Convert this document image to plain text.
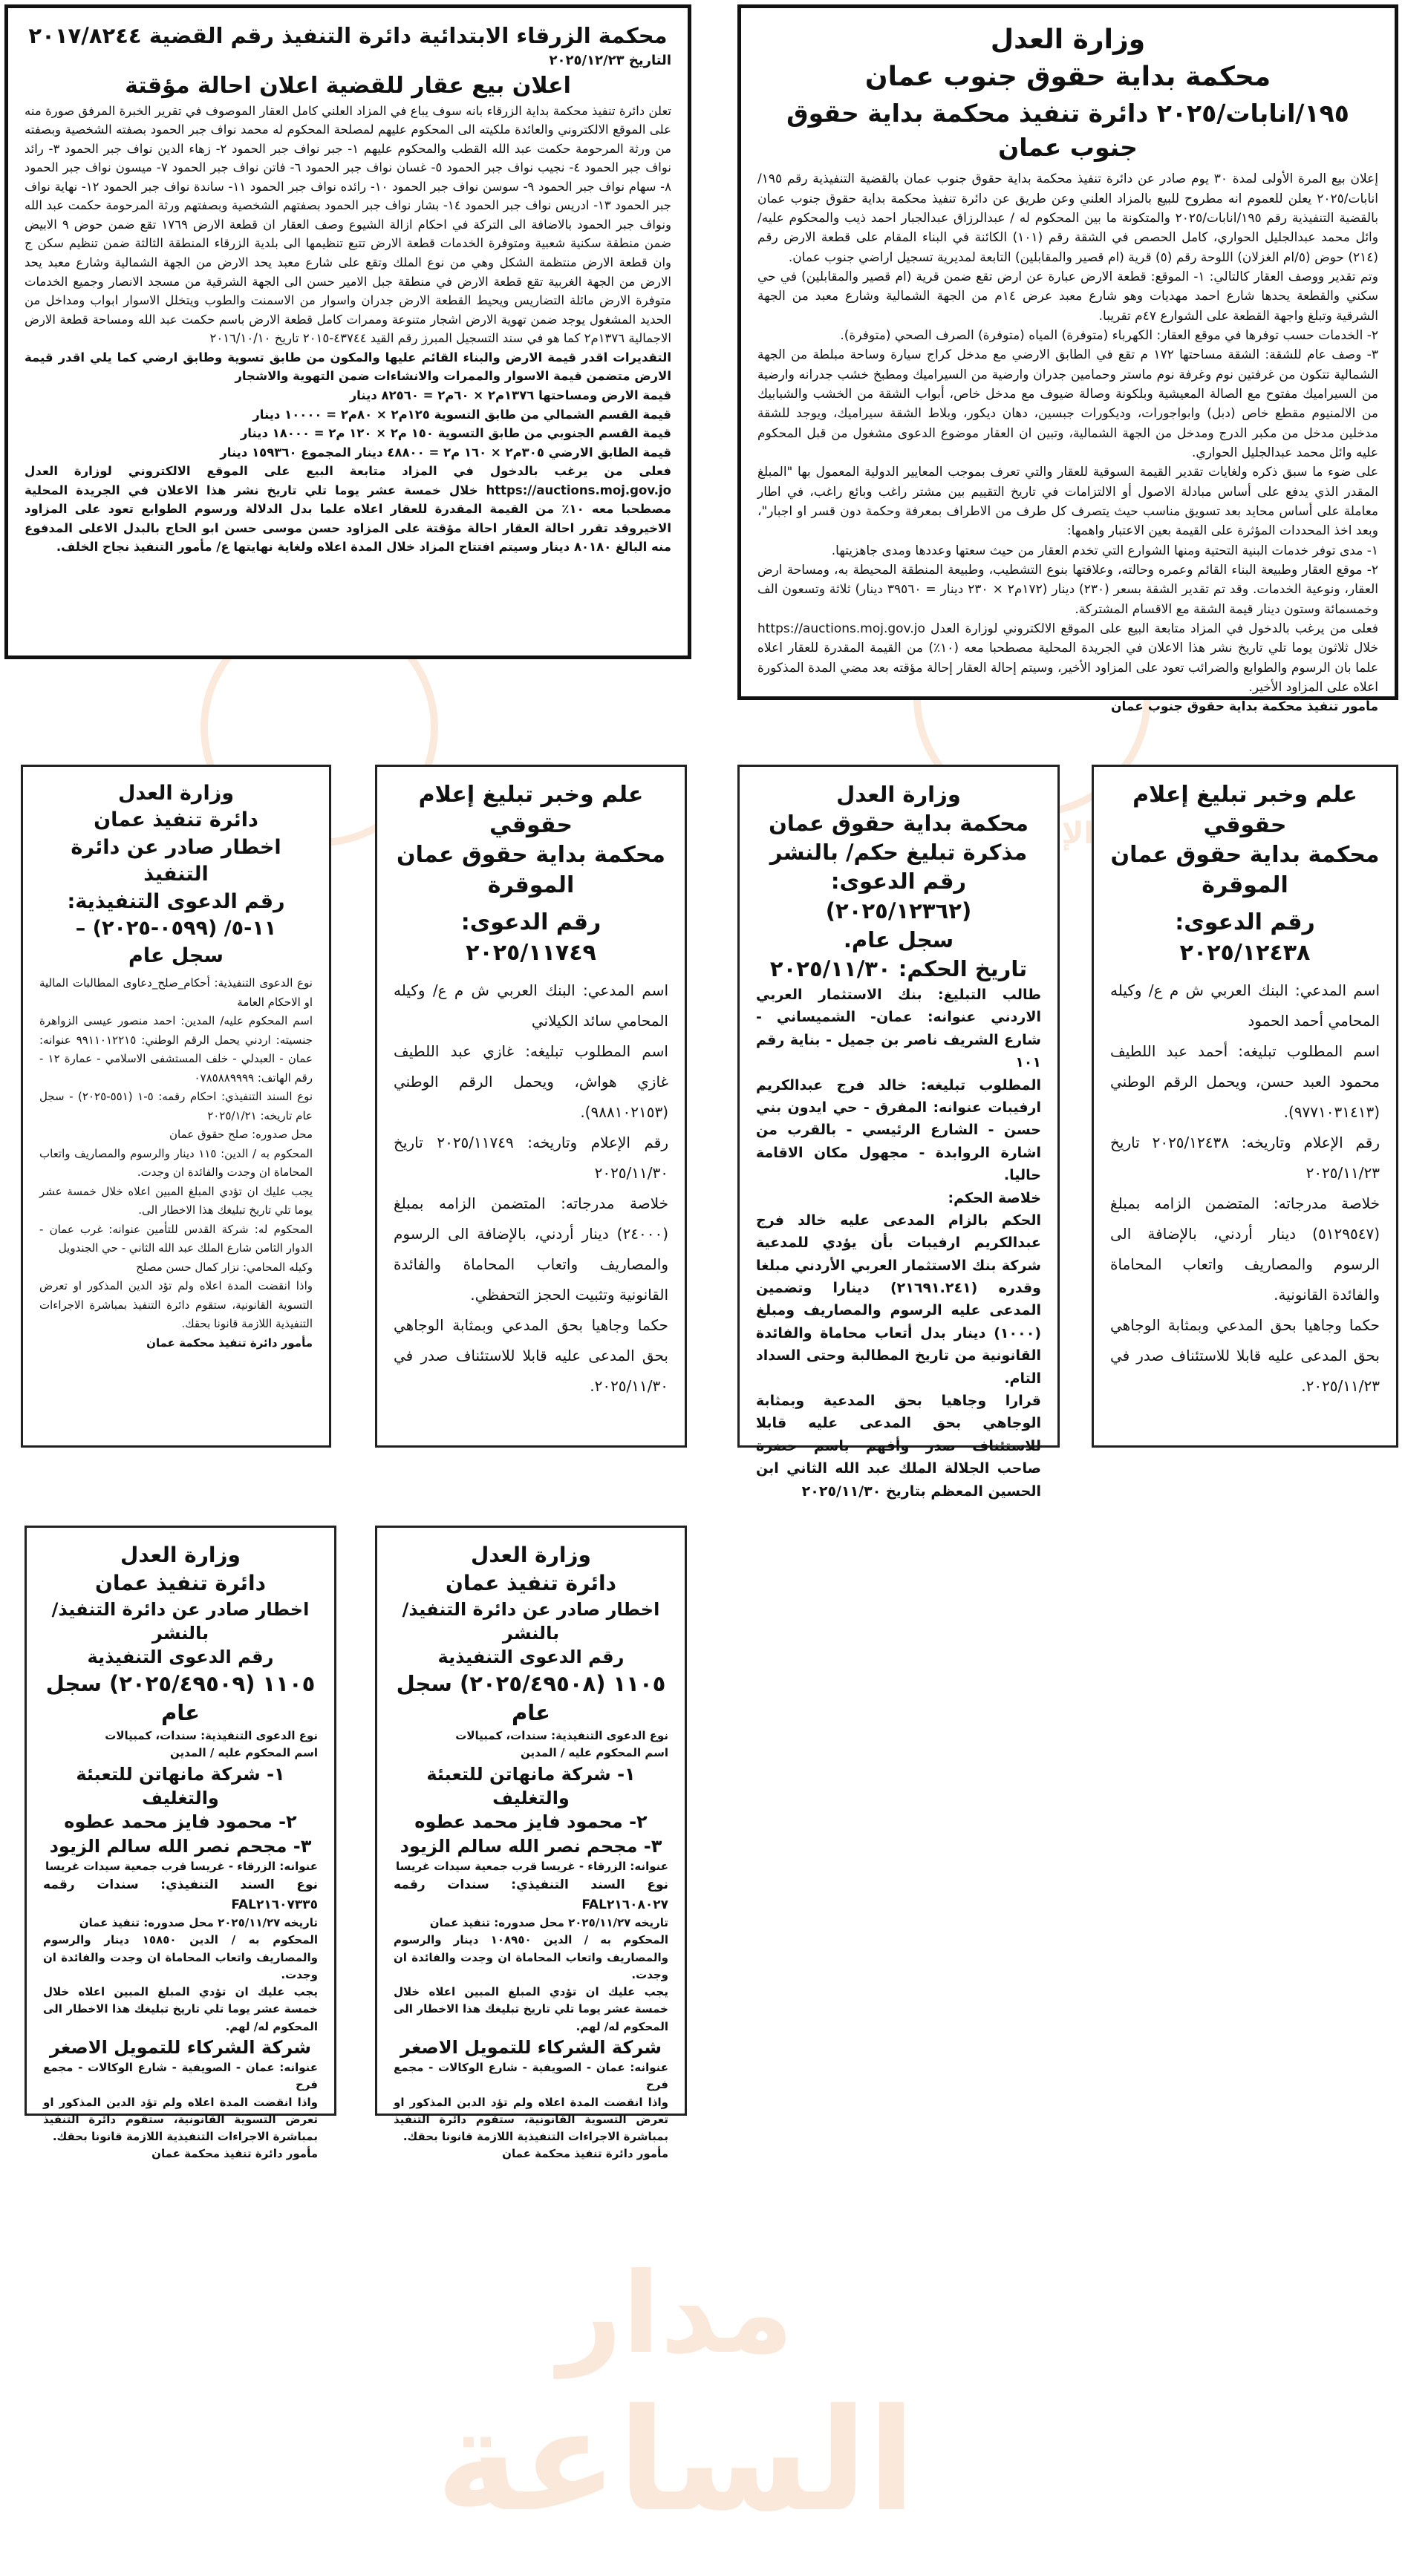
مدار
الساعة
وزارة العدل
محكمة بداية حقوق جنوب عمان
١٩٥/انابات/٢٠٢٥ دائرة تنفيذ محكمة بداية حقوق جنوب عمان

إعلان بيع المرة الأولى لمدة ٣٠ يوم صادر عن دائرة تنفيذ محكمة بداية حقوق جنوب عمان بالقضية التنفيذية رقم ١٩٥/انابات/٢٠٢٥ يعلن للعموم انه مطروح للبيع بالمزاد العلني وعن طريق عن دائرة تنفيذ محكمة بداية حقوق جنوب عمان بالقضية التنفيذية رقم ١٩٥/انابات/٢٠٢٥ والمتكونة ما بين المحكوم له / عبدالرزاق عبدالجبار احمد ذيب والمحكوم عليه/ وائل محمد عبدالجليل الحواري، كامل الحصص في الشقة رقم (١٠١) الكائنة في البناء المقام على قطعة الارض رقم (٢١٤) حوض (٥/ام الغزلان) اللوحة رقم (٥) قرية (ام قصير والمقابلين) التابعة لمديرية تسجيل اراضي جنوب عمان.

وتم تقدير ووصف العقار كالتالي: ١- الموقع: قطعة الارض عبارة عن ارض تقع ضمن قرية (ام قصير والمقابلين) في حي سكني والقطعة يحدها شارع احمد مهديات وهو شارع معبد عرض ١٤م من الجهة الشمالية وشارع معبد من الجهة الشرقية وتبلغ واجهة القطعة على الشوارع ٤٧م تقريبا.

٢- الخدمات حسب توفرها في موقع العقار: الكهرباء (متوفرة) المياه (متوفرة) الصرف الصحي (متوفرة).

٣- وصف عام للشقة: الشقة مساحتها ١٧٢ م تقع في الطابق الارضي مع مدخل كراج سيارة وساحة مبلطة من الجهة الشمالية تتكون من غرفتين نوم وغرفة نوم ماستر وحمامين جدران وارضية من السيراميك ومطبخ خشب جدرانه وارضية من السيراميك مفتوح مع الصالة المعيشية وبلكونة وصالة ضيوف مع مدخل خاص، أبواب الشقة من الخشب والشبابيك من الالمنيوم مقطع خاص (دبل) وابواجورات، وديكورات جبسين، دهان ديكور، وبلاط الشقة سيراميك، ويوجد للشقة مدخلين مدخل من مكبر الدرج ومدخل من الجهة الشمالية، وتبين ان العقار موضوع الدعوى مشغول من قبل المحكوم عليه وائل محمد عبدالجليل الحواري.

على ضوء ما سبق ذكره ولغايات تقدير القيمة السوقية للعقار والتي تعرف بموجب المعايير الدولية المعمول بها "المبلغ المقدر الذي يدفع على أساس مبادلة الاصول أو الالتزامات في تاريخ التقييم بين مشتر راغب وبائع راغب، في اطار معاملة على أساس محايد بعد تسويق مناسب حيث يتصرف كل طرف من الاطراف بمعرفة وحكمة دون قسر او اجبار"، وبعد اخذ المحددات المؤثرة على القيمة بعين الاعتبار واهمها:

١- مدى توفر خدمات البنية التحتية ومنها الشوارع التي تخدم العقار من حيث سعتها وعددها ومدى جاهزيتها.

٢- موقع العقار وطبيعة البناء القائم وعمره وحالته، وعلاقتها بنوع التشطيب، وطبيعة المنطقة المحيطة به، ومساحة ارض العقار، ونوعية الخدمات. وقد تم تقدير الشقة بسعر (٢٣٠) دينار (١٧٢م٢ × ٢٣٠ دينار = ٣٩٥٦٠ دينار) ثلاثة وتسعون الف وخمسمائة وستون دينار قيمة الشقة مع الاقسام المشتركة.

فعلى من يرغب بالدخول في المزاد متابعة البيع على الموقع الالكتروني لوزارة العدل https://auctions.moj.gov.jo خلال ثلاثون يوما تلي تاريخ نشر هذا الاعلان في الجريدة المحلية مصطحبا معه (١٠٪) من القيمة المقدرة للعقار اعلاه علما بان الرسوم والطوابع والضرائب تعود على المزاود الأخير، وسيتم إحالة العقار إحالة مؤقته بعد مضي المدة المذكورة اعلاه على المزاود الأخير.

مأمور تنفيذ محكمة بداية حقوق جنوب عمان

محكمة الزرقاء الابتدائية دائرة التنفيذ رقم القضية ٢٠١٧/٨٢٤٤

التاريخ ٢٠٢٥/١٢/٢٣

اعلان بيع عقار للقضية اعلان احالة مؤقتة

تعلن دائرة تنفيذ محكمة بداية الزرقاء بانه سوف يباع في المزاد العلني كامل العقار الموصوف في تقرير الخبرة المرفق صورة منه على الموقع الالكتروني والعائدة ملكيته الى المحكوم عليهم لمصلحة المحكوم له محمد نواف جبر الحمود بصفته الشخصية وبصفته من ورثة المرحومة حكمت عبد الله القطب والمحكوم عليهم ١- جبر نواف جبر الحمود ٢- زهاء الدين نواف جبر الحمود ٣- رائد نواف جبر الحمود ٤- نجيب نواف جبر الحمود ٥- غسان نواف جبر الحمود ٦- فاتن نواف جبر الحمود ٧- ميسون نواف جبر الحمود ٨- سهام نواف جبر الحمود ٩- سوسن نواف جبر الحمود ١٠- رائده نواف جبر الحمود ١١- ساندة نواف جبر الحمود ١٢- نهاية نواف جبر الحمود ١٣- ادريس نواف جبر الحمود ١٤- بشار نواف جبر الحمود بصفتهم الشخصية وبصفتهم ورثة المرحومة حكمت عبد الله ونواف جبر الحمود بالاضافة الى التركة في احكام ازالة الشيوع وصف العقار ان قطعة الارض ١٧٦٩ تقع ضمن حوض ٩ الابيض ضمن منطقة سكنية شعبية ومتوفرة الخدمات قطعة الارض تتبع تنظيمها الى بلدية الزرقاء المنطقة الثالثة ضمن تنظيم سكن ج وان قطعة الارض منتظمة الشكل وهي من نوع الملك وتقع على شارع معبد يحد الارض من الجهة الشمالية وشارع معبد يحد الارض من الجهة الغربية تقع قطعة الارض في منطقة جبل الامير حسن الى الجهة الشرقية من مسجد الانصار وجميع الخدمات متوفرة الارض مائلة التضاريس ويحيط القطعة الارض جدران واسوار من الاسمنت والطوب ويتخلل الاسوار ابواب ومداخل من الحديد المشغول يوجد ضمن تهوية الارض اشجار متنوعة وممرات كامل قطعة الارض باسم حكمت عبد الله ومساحة قطعة الارض الاجمالية ١٣٧٦م٢ كما هو في سند التسجيل المبرز رقم القيد ٤٣٧٤٤-٢٠١٥ تاريخ ٢٠١٦/١٠/١٠

التقديرات اقدر قيمة الارض والبناء القائم عليها والمكون من طابق تسوية وطابق ارضي كما يلي اقدر قيمة الارض متضمن قيمة الاسوار والممرات والانشاءات ضمن التهوية والاشجار

قيمة الارض ومساحتها ١٣٧٦م٢ × ٦٠م٢ = ٨٢٥٦٠ دينار

قيمة القسم الشمالي من طابق التسوية ١٢٥م٢ × ٨٠م٢ = ١٠٠٠٠ دينار

قيمة القسم الجنوبي من طابق التسوية ١٥٠ م٢ × ١٢٠ م٢ = ١٨٠٠٠ دينار

قيمة الطابق الارضي ٣٠٥م٢ × ١٦٠ م٢ = ٤٨٨٠٠ دينار المجموع ١٥٩٣٦٠ دينار

فعلى من يرغب بالدخول في المزاد متابعة البيع على الموقع الالكتروني لوزارة العدل https://auctions.moj.gov.jo خلال خمسة عشر يوما تلي تاريخ نشر هذا الاعلان في الجريدة المحلية مصطحبا معه ١٠٪ من القيمة المقدرة للعقار اعلاه علما بدل الدلالة ورسوم الطوابع تعود على المزاود الاخيروقد تقرر احالة العقار احالة مؤقتة على المزاود حسن موسى حسن ابو الحاج بالبدل الاعلى المدفوع منه البالغ ٨٠١٨٠ دينار وسيتم افتتاح المزاد خلال المدة اعلاه ولغاية نهايتها ع/ مأمور التنفيذ نجاح الخلف.

علم وخبر تبليغ إعلام حقوقي
محكمة بداية حقوق عمان
الموقرة
رقم الدعوى: ٢٠٢٥/١٢٤٣٨

اسم المدعي: البنك العربي ش م ع/ وكيله المحامي أحمد الحمود

اسم المطلوب تبليغه: أحمد عبد اللطيف محمود العبد حسن، ويحمل الرقم الوطني (٩٧٧١٠٣١٤١٣).

رقم الإعلام وتاريخه: ٢٠٢٥/١٢٤٣٨ تاريخ ٢٠٢٥/١١/٢٣

خلاصة مدرجاته: المتضمن الزامه بمبلغ (٥١٢٩٥٤٧) دينار أردني، بالإضافة الى الرسوم والمصاريف واتعاب المحاماة والفائدة القانونية.

حكما وجاهيا بحق المدعي وبمثابة الوجاهي بحق المدعى عليه قابلا للاستئناف صدر في ٢٠٢٥/١١/٢٣.

وزارة العدل
محكمة بداية حقوق عمان
مذكرة تبليغ حكم/ بالنشر
رقم الدعوى: (٢٠٢٥/١٢٣٦٢)
سجل عام.
تاريخ الحكم: ٢٠٢٥/١١/٣٠

طالب التبليغ: بنك الاستثمار العربي الاردني عنوانه: عمان- الشميساني - شارع الشريف ناصر بن جميل - بناية رقم ١٠١

المطلوب تبليغه: خالد فرج عبدالكريم ارفيبات عنوانه: المفرق - حي ايدون بني حسن - الشارع الرئيسي - بالقرب من اشارة الروابدة - مجهول مكان الاقامة حاليا.

خلاصة الحكم:

الحكم بالزام المدعى عليه خالد فرج عبدالكريم ارفيبات بأن يؤدي للمدعية شركة بنك الاستثمار العربي الأردني مبلغا وقدره (٢١٦٩١.٢٤١) دينارا وتضمين المدعى عليه الرسوم والمصاريف ومبلغ (١٠٠٠) دينار بدل أتعاب محاماة والفائدة القانونية من تاريخ المطالبة وحتى السداد التام.

قرارا وجاهيا بحق المدعية وبمثابة الوجاهي بحق المدعى عليه قابلا للاستئناف صدر وأفهم باسم حضرة صاحب الجلالة الملك عبد الله الثاني ابن الحسين المعظم بتاريخ ٢٠٢٥/١١/٣٠

علم وخبر تبليغ إعلام حقوقي
محكمة بداية حقوق عمان
الموقرة
رقم الدعوى: ٢٠٢٥/١١٧٤٩

اسم المدعي: البنك العربي ش م ع/ وكيله المحامي سائد الكيلاني

اسم المطلوب تبليغه: غازي عبد اللطيف غازي هواش، ويحمل الرقم الوطني (٩٨٨١٠٢١٥٣).

رقم الإعلام وتاريخه: ٢٠٢٥/١١٧٤٩ تاريخ ٢٠٢٥/١١/٣٠

خلاصة مدرجاته: المتضمن الزامه بمبلغ (٢٤٠٠٠) دينار أردني، بالإضافة الى الرسوم والمصاريف واتعاب المحاماة والفائدة القانونية وتثبيت الحجز التحفظي.

حكما وجاهيا بحق المدعي وبمثابة الوجاهي بحق المدعى عليه قابلا للاستئناف صدر في ٢٠٢٥/١١/٣٠.

وزارة العدل
دائرة تنفيذ عمان
اخطار صادر عن دائرة التنفيذ
رقم الدعوى التنفيذية:
١١-٥/ (٠٥٩٩-٢٠٢٥) –
سجل عام

نوع الدعوى التنفيذية: أحكام_صلح_دعاوى المطالبات المالية او الاحكام العامة

اسم المحكوم عليه/ المدين: احمد منصور عيسى الزواهرة جنسيته: اردني يحمل الرقم الوطني: ٩٩١١٠١٢٢١٥ عنوانه: عمان - العبدلي - خلف المستشفى الاسلامي - عمارة ١٢ - رقم الهاتف: ٠٧٨٥٨٨٩٩٩٩

نوع السند التنفيذي: احكام رقمه: ٥-١ (٥٥١-٢٠٢٥) - سجل عام تاريخه: ٢٠٢٥/١/٢١

محل صدوره: صلح حقوق عمان

المحكوم به / الدين: ١١٥ دينار والرسوم والمصاريف واتعاب المحاماة ان وجدت والفائدة ان وجدت.

يجب عليك ان تؤدي المبلغ المبين اعلاه خلال خمسة عشر يوما تلي تاريخ تبليغك هذا الاخطار الى.

المحكوم له: شركة القدس للتأمين عنوانه: غرب عمان - الدوار الثامن شارع الملك عبد الله الثاني - حي الجندويل

وكيله المحامي: نزار كمال حسن مصلح

واذا انقضت المدة اعلاه ولم تؤد الدين المذكور او تعرض التسوية القانونية، ستقوم دائرة التنفيذ بمباشرة الاجراءات التنفيذية اللازمة قانونا بحقك.

مأمور دائرة تنفيذ محكمة عمان

وزارة العدل
دائرة تنفيذ عمان
اخطار صادر عن دائرة التنفيذ/ بالنشر
رقم الدعوى التنفيذية
١١٠٥ (٢٠٢٥/٤٩٥٠٨) سجل عام

نوع الدعوى التنفيذية: سندات، كمبيالات

اسم المحكوم عليه / المدين

١- شركة مانهاتن للتعبئة والتغليف
٢- محمود فايز محمد عطوه
٣- مجحم نصر الله سالم الزيود

عنوانه: الزرقاء - غريسا قرب جمعية سيدات غريسا

نوع السند التنفيذي: سندات رقمه FAL٢١٦٠٨٠٢٧

تاريخه ٢٠٢٥/١١/٢٧ محل صدوره: تنفيذ عمان

المحكوم به / الدين ١٠٨٩٥٠ دينار والرسوم والمصاريف واتعاب المحاماة ان وجدت والفائدة ان وجدت.

يجب عليك ان تؤدي المبلغ المبين اعلاه خلال خمسة عشر يوما تلي تاريخ تبليغك هذا الاخطار الى المحكوم له/ لهم.

شركة الشركاء للتمويل الاصغر

عنوانه: عمان - الصويفية - شارع الوكالات - مجمع فرح

واذا انقضت المدة اعلاه ولم تؤد الدين المذكور او تعرض التسوية القانونية، ستقوم دائرة التنفيذ بمباشرة الاجراءات التنفيذية اللازمة قانونا بحقك.

مأمور دائرة تنفيذ محكمة عمان

وزارة العدل
دائرة تنفيذ عمان
اخطار صادر عن دائرة التنفيذ/ بالنشر
رقم الدعوى التنفيذية
١١٠٥ (٢٠٢٥/٤٩٥٠٩) سجل عام

نوع الدعوى التنفيذية: سندات، كمبيالات

اسم المحكوم عليه / المدين

١- شركة مانهاتن للتعبئة والتغليف
٢- محمود فايز محمد عطوه
٣- مجحم نصر الله سالم الزيود

عنوانه: الزرقاء - غريسا قرب جمعية سيدات غريسا

نوع السند التنفيذي: سندات رقمه FAL٢١٦٠٧٣٣٥

تاريخه ٢٠٢٥/١١/٢٧ محل صدوره: تنفيذ عمان

المحكوم به / الدين ١٥٨٥٠ دينار والرسوم والمصاريف واتعاب المحاماة ان وجدت والفائدة ان وجدت.

يجب عليك ان تؤدي المبلغ المبين اعلاه خلال خمسة عشر يوما تلي تاريخ تبليغك هذا الاخطار الى المحكوم له/ لهم.

شركة الشركاء للتمويل الاصغر

عنوانه: عمان - الصويفية - شارع الوكالات - مجمع فرح

واذا انقضت المدة اعلاه ولم تؤد الدين المذكور او تعرض التسوية القانونية، ستقوم دائرة التنفيذ بمباشرة الاجراءات التنفيذية اللازمة قانونا بحقك.

مأمور دائرة تنفيذ محكمة عمان
